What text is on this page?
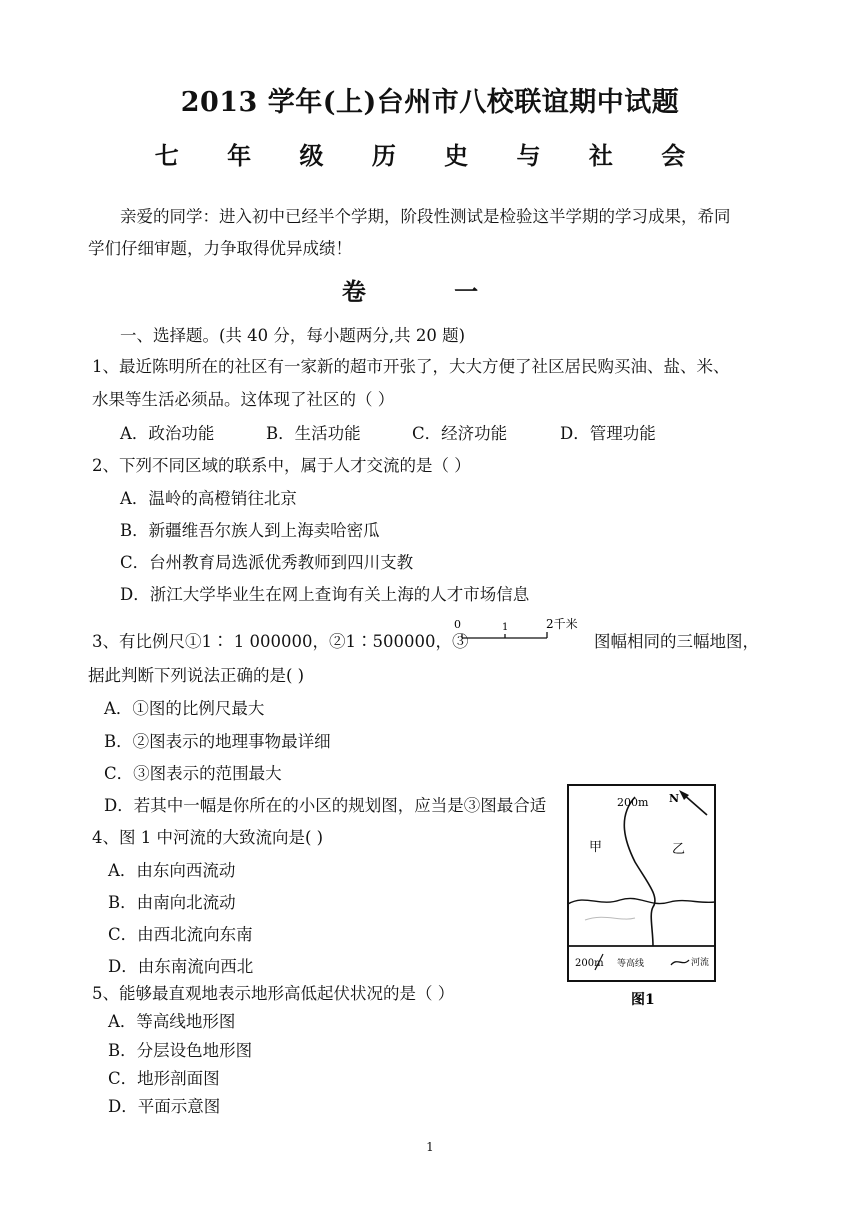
2013 学年(上)台州市八校联谊期中试题
七 年 级 历 史 与 社 会
亲爱的同学：进入初中已经半个学期，阶段性测试是检验这半学期的学习成果，希同
学们仔细审题，力争取得优异成绩！
卷 一
一、选择题。(共 40 分，每小题两分,共 20 题)
1、最近陈明所在的社区有一家新的超市开张了，大大方便了社区居民购买油、盐、米、
水果等生活必须品。这体现了社区的（ ）
A．政治功能	B．生活功能	C．经济功能	D．管理功能
2、下列不同区域的联系中，属于人才交流的是（ ）
A．温岭的高橙销往北京
B．新疆维吾尔族人到上海卖哈密瓜
C．台州教育局选派优秀教师到四川支教
D．浙江大学毕业生在网上查询有关上海的人才市场信息
3、有比例尺①1∶ 1 000000，②1∶500000，③
0	1	2千米
图幅相同的三幅地图，
据此判断下列说法正确的是( )
A．①图的比例尺最大
B．②图表示的地理事物最详细
C．③图表示的范围最大
D．若其中一幅是你所在的小区的规划图，应当是③图最合适
4、图 1 中河流的大致流向是( )
A．由东向西流动
B．由南向北流动
C．由西北流向东南
D．由东南流向西北
5、能够最直观地表示地形高低起伏状况的是（ ）
A．等高线地形图
B．分层设色地形图
C．地形剖面图
D．平面示意图
N
200m
甲	乙
200m 等高线	河流
图1
1
